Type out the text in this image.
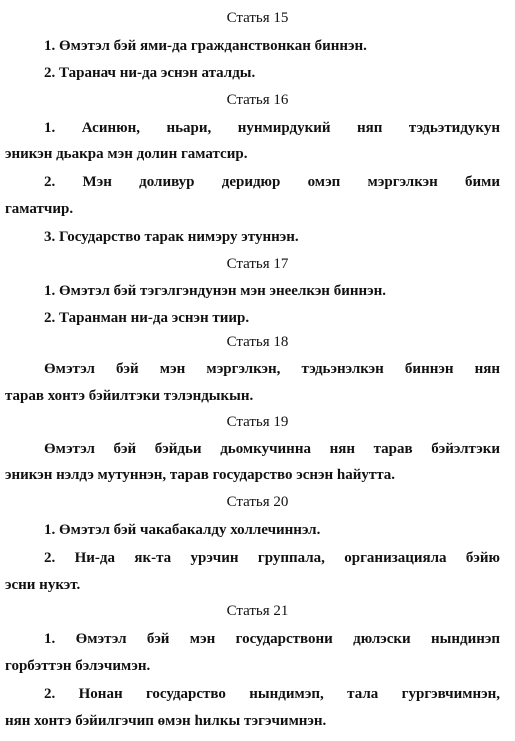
Статья 15
1. Өмэтэл бэй ями-да гражданствонкан биннэн.
2. Таранач ни-да эснэн аталды.
Статья 16
1. Асинюн, ньари, нунмирдукий няп тэдьэтидукун
эникэн дьакра мэн долин гаматсир.
2. Мэн доливур деридюр омэп мэргэлкэн бими
гаматчир.
3. Государство тарак нимэру этуннэн.
Статья 17
1. Өмэтэл бэй тэгэлгэндунэн мэн энеелкэн биннэн.
2. Таранман ни-да эснэн тиир.
Статья 18
Өмэтэл бэй мэн мэргэлкэн, тэдьэнэлкэн биннэн нян
тарав хонтэ бэйилтэки тэлэндыкын.
Статья 19
Өмэтэл бэй бэйдьи дьомкучинна нян тарав бэйэлтэки
эникэн нэлдэ мутуннэн, тарав государство эснэн һайутта.
Статья 20
1. Өмэтэл бэй чакабакалду холлечиннэл.
2. Ни-да як-та урэчин группала, организацияла бэйю
эсни нукэт.
Статья 21
1. Өмэтэл бэй мэн государствони дюлэски нындинэп
горбэттэн бэлэчимэн.
2. Нонан государство нындимэп, тала гургэвчимнэн,
нян хонтэ бэйилгэчип өмэн һилкы тэгэчимнэн.
